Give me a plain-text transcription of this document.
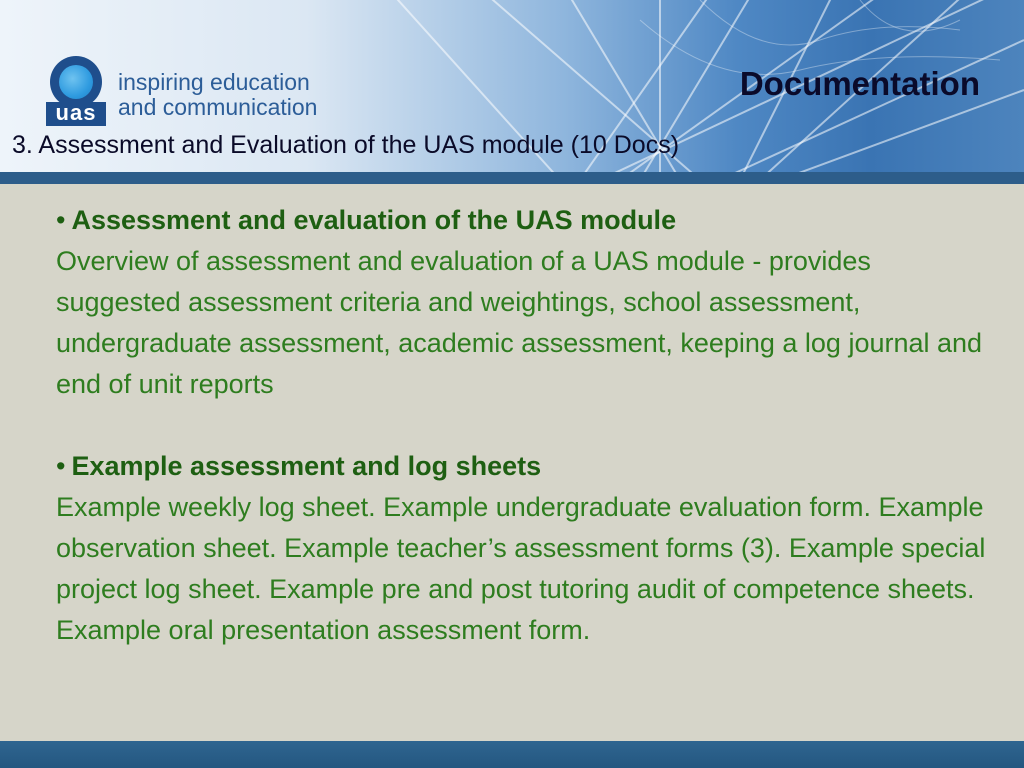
uas
inspiring education
and communication
Documentation
3. Assessment and Evaluation of the UAS module (10 Docs)
• Assessment and evaluation of the UAS module
Overview of assessment and evaluation of a UAS module - provides suggested assessment criteria and weightings, school assessment, undergraduate assessment, academic assessment, keeping a log journal and end of unit reports
• Example assessment and log sheets
Example weekly log sheet. Example undergraduate evaluation form. Example observation sheet. Example teacher’s assessment forms (3). Example special project log sheet. Example pre and post tutoring audit of competence sheets. Example oral presentation assessment form.
